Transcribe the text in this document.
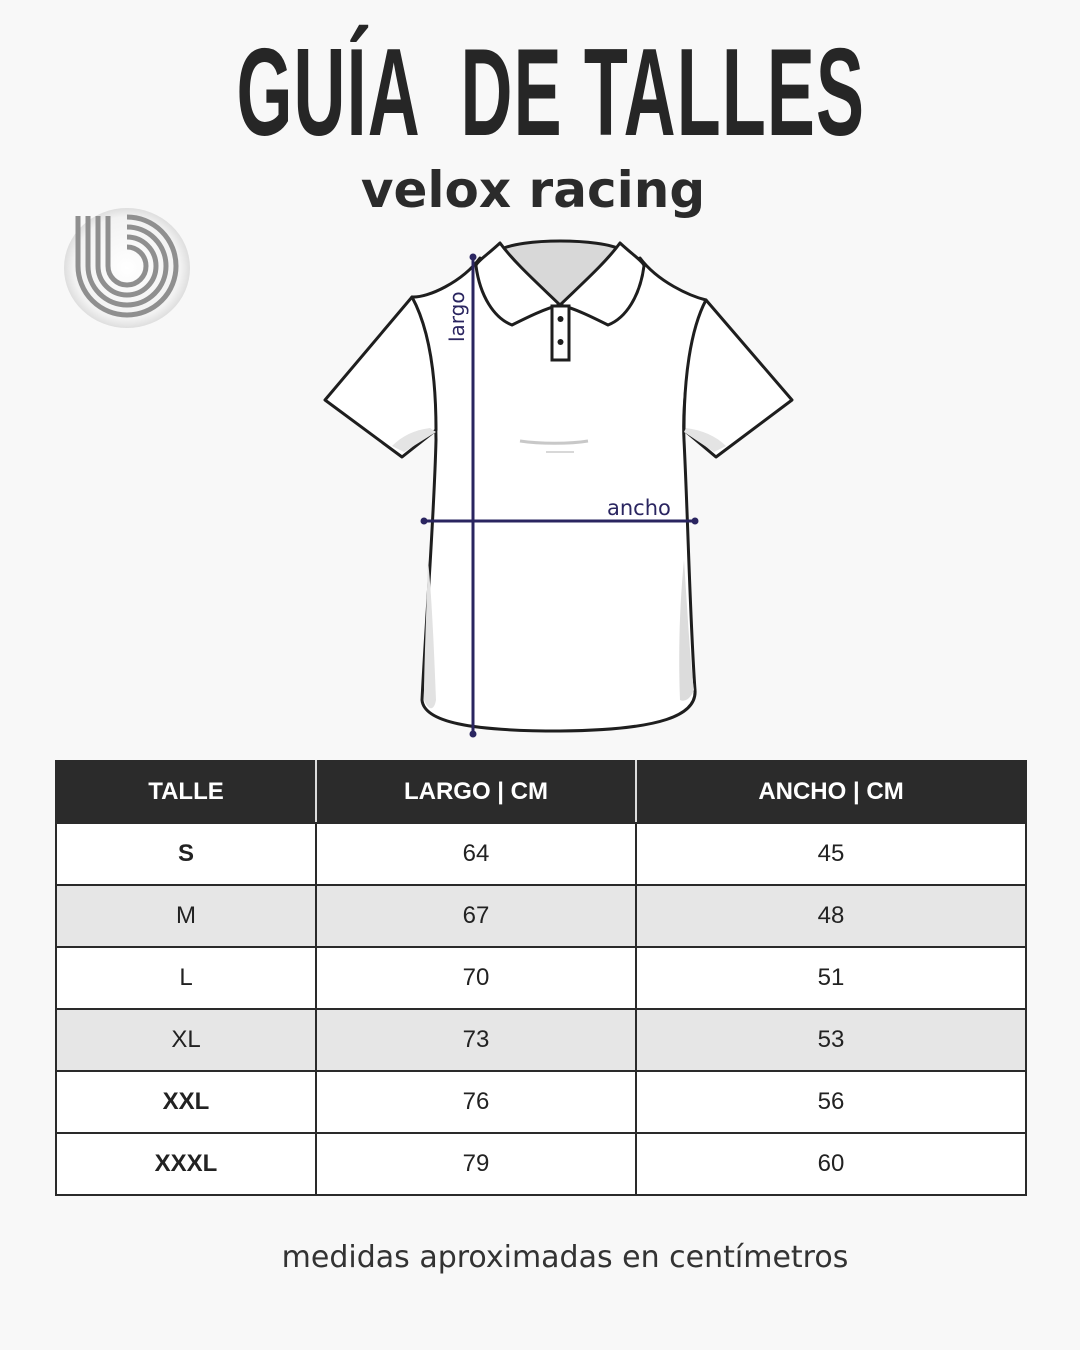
GUÍA  DE TALLES
velox racing
largo
ancho
TALLE	LARGO | CM	ANCHO | CM
S	64	45
M	67	48
L	70	51
XL	73	53
XXL	76	56
XXXL	79	60

medidas aproximadas en centímetros
